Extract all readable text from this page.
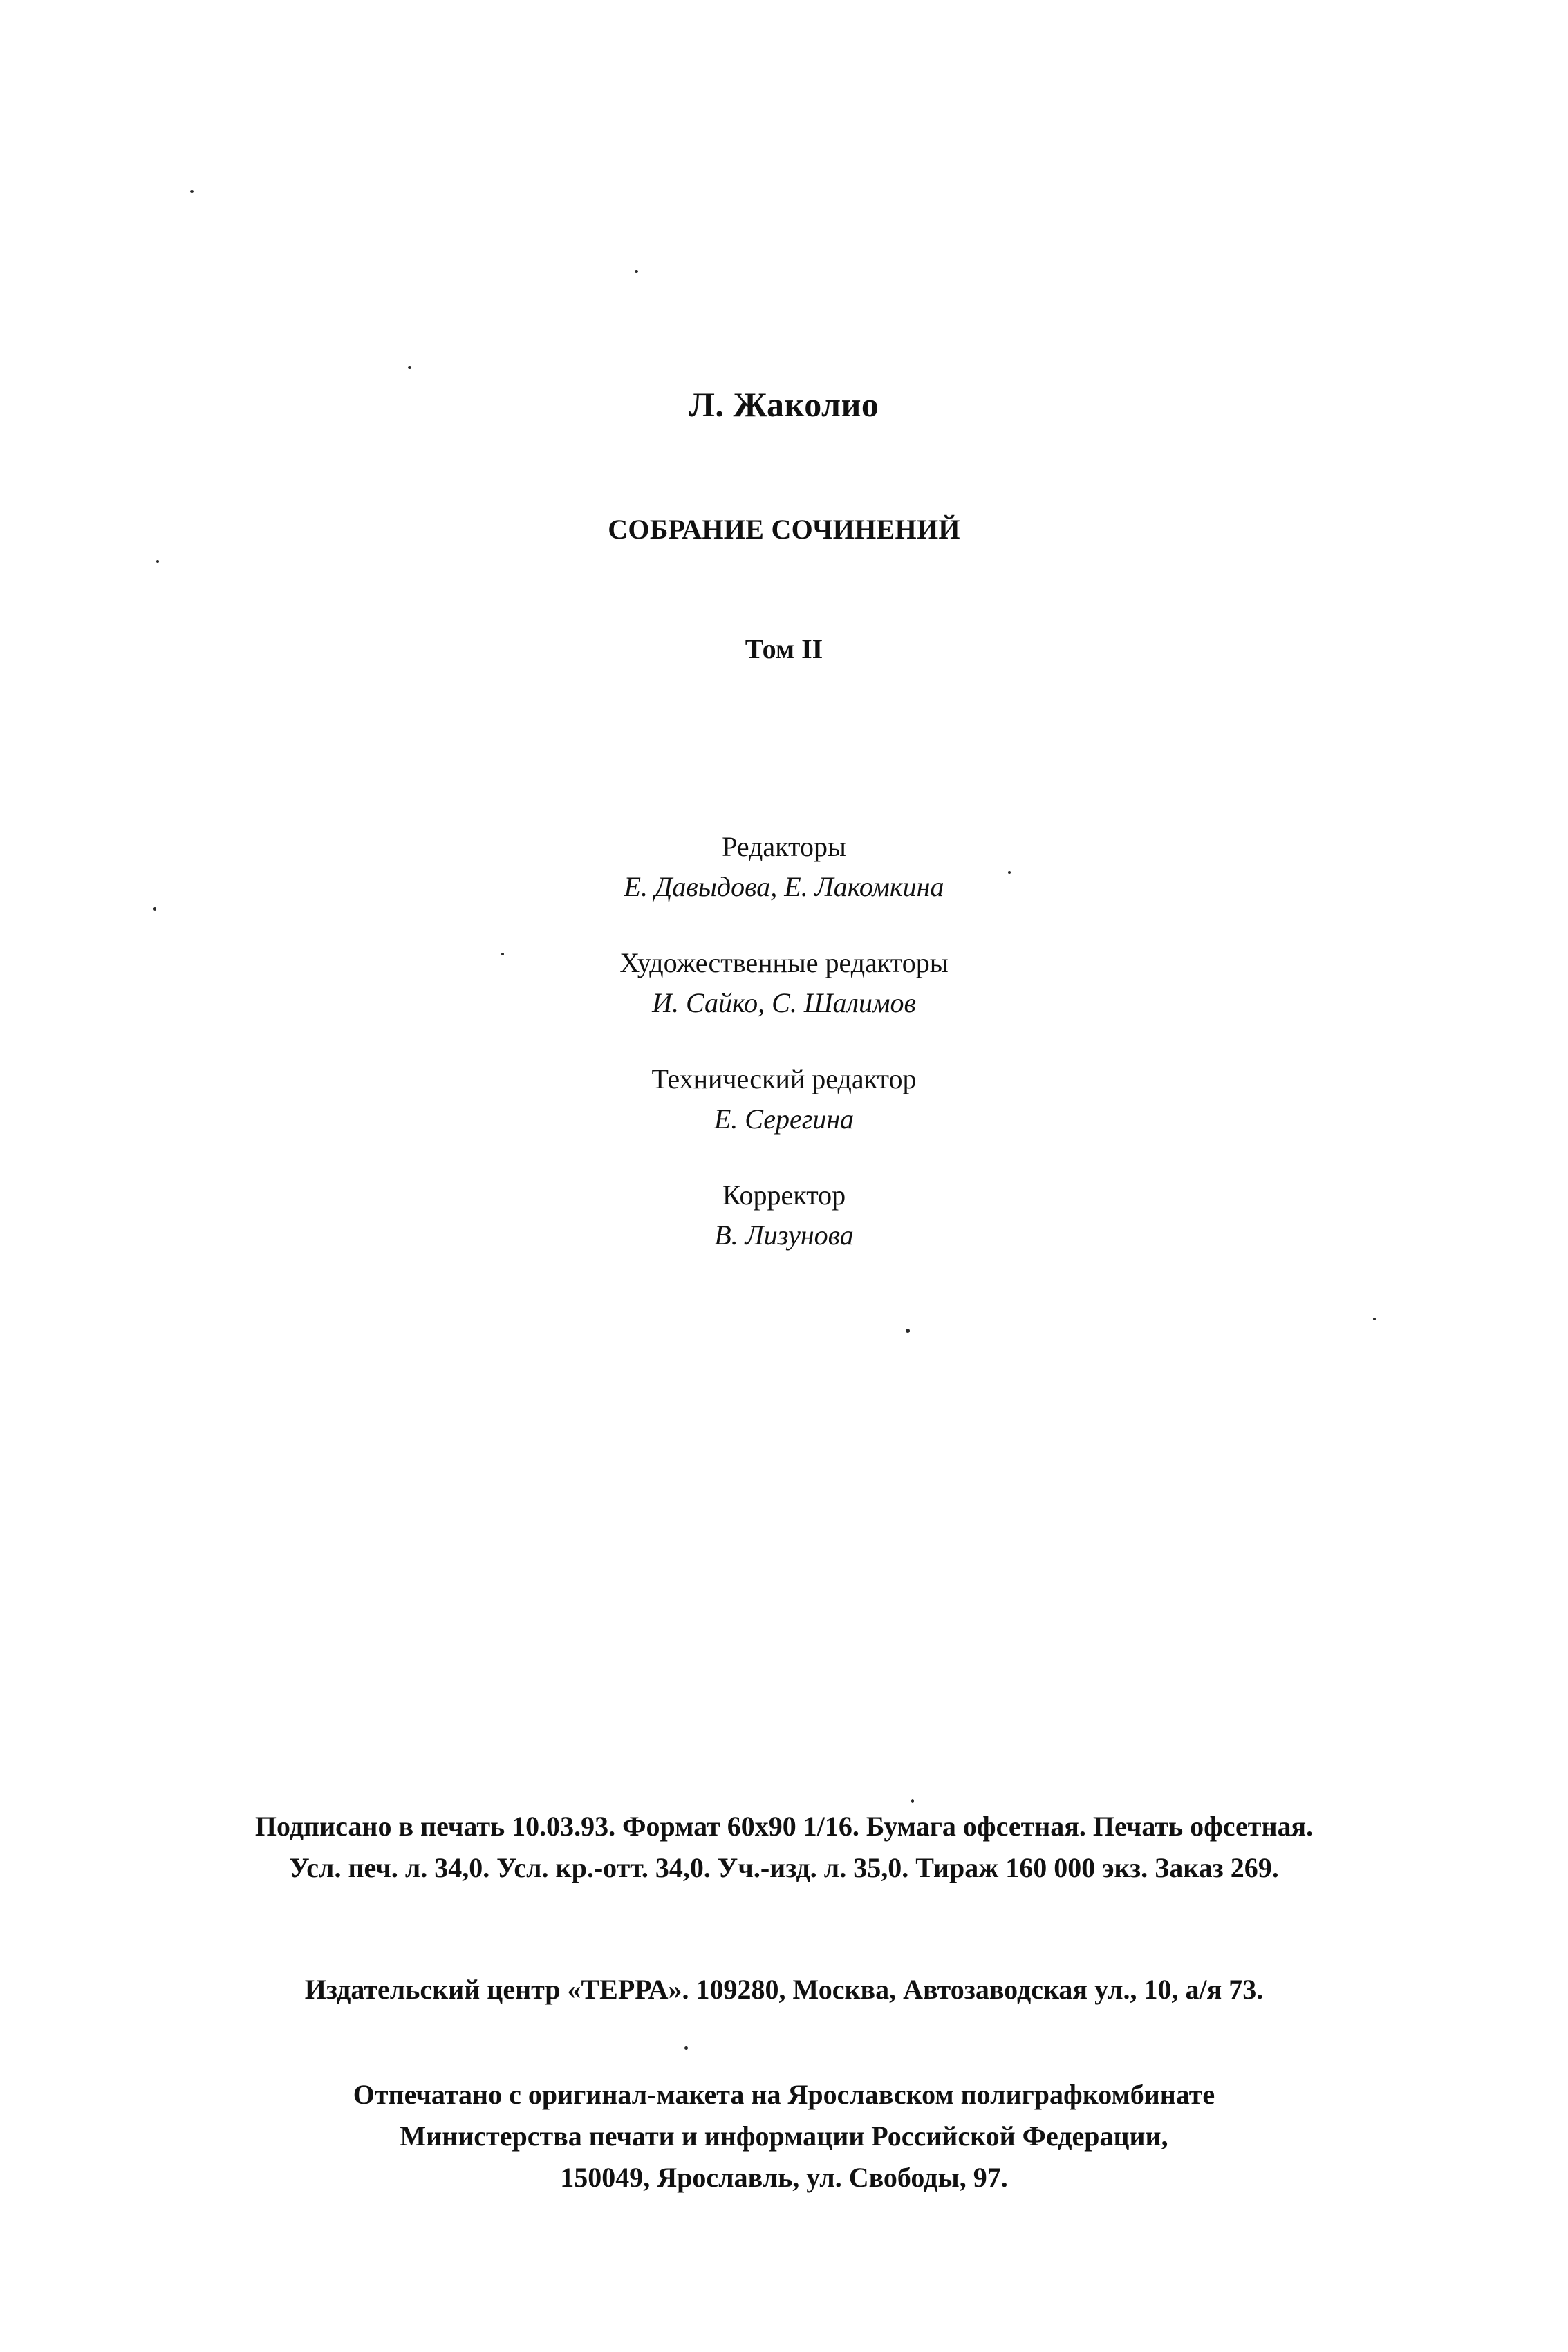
Л. Жаколио
СОБРАНИЕ СОЧИНЕНИЙ
Том II
Редакторы
Е. Давыдова, Е. Лакомкина
Художественные редакторы
И. Сайко, С. Шалимов
Технический редактор
Е. Серегина
Корректор
В. Лизунова
Подписано в печать 10.03.93. Формат 60x90 1/16. Бумага офсетная. Печать офсетная.
Усл. печ. л. 34,0. Усл. кр.-отт. 34,0. Уч.-изд. л. 35,0. Тираж 160 000 экз. Заказ 269.
Издательский центр «ТЕРРА». 109280, Москва, Автозаводская ул., 10, а/я 73.
Отпечатано с оригинал-макета на Ярославском полиграфкомбинате
Министерства печати и информации Российской Федерации,
150049, Ярославль, ул. Свободы, 97.
